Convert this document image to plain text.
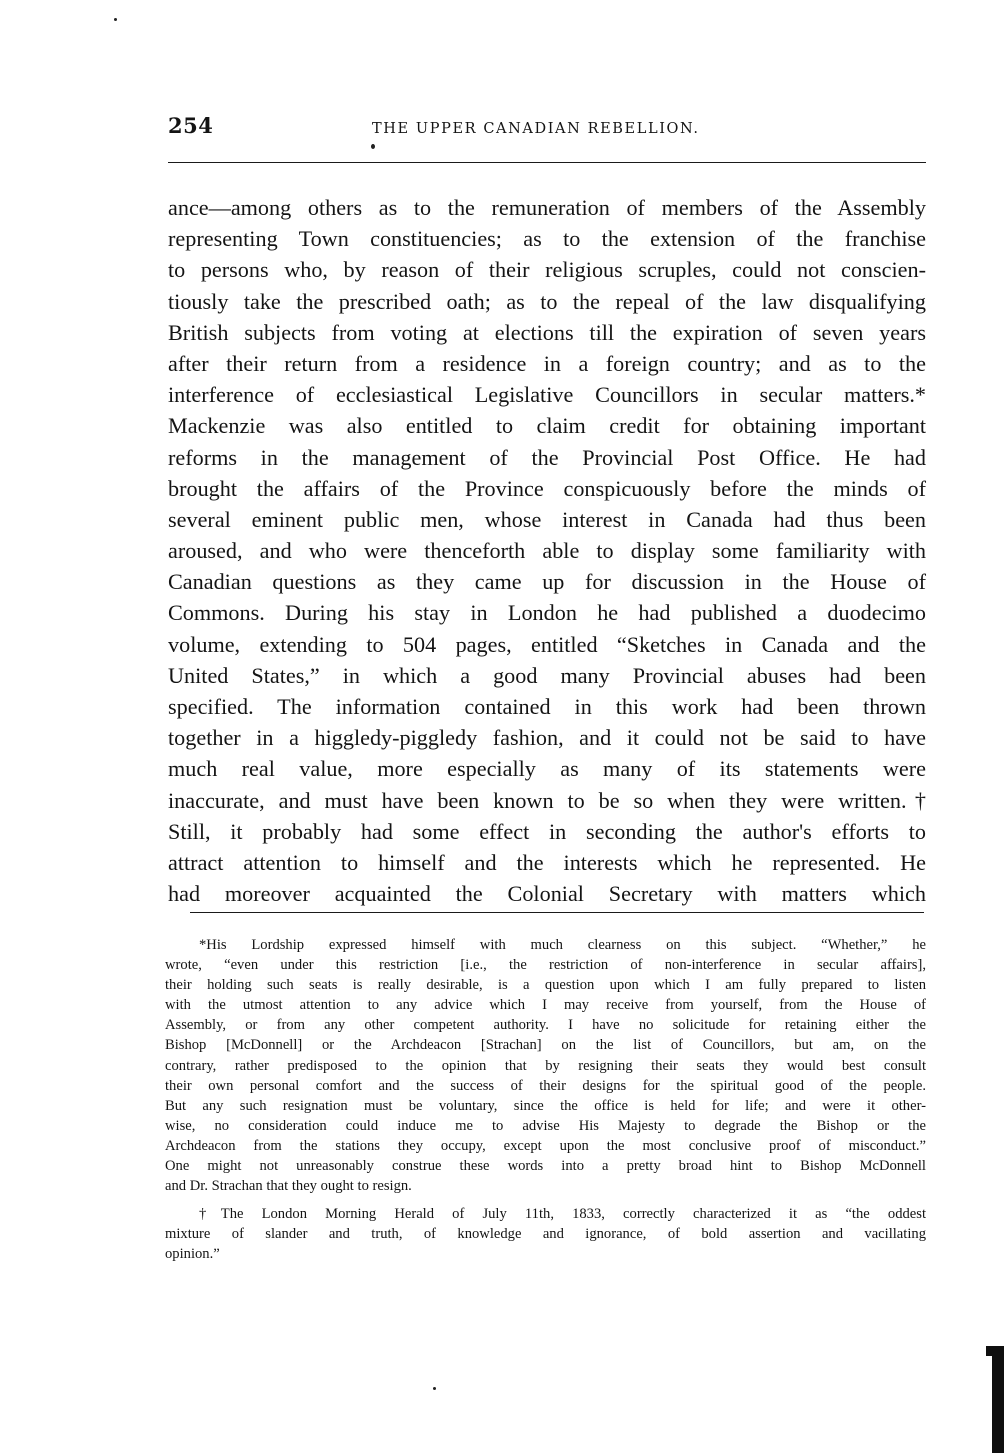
254	THE UPPER CANADIAN REBELLION.
ance—among others as to the remuneration of members of the Assembly
representing Town constituencies; as to the extension of the franchise
to persons who, by reason of their religious scruples, could not conscien-
tiously take the prescribed oath; as to the repeal of the law disqualifying
British subjects from voting at elections till the expiration of seven years
after their return from a residence in a foreign country; and as to the
interference of ecclesiastical Legislative Councillors in secular matters.*
Mackenzie was also entitled to claim credit for obtaining important
reforms in the management of the Provincial Post Office. He had
brought the affairs of the Province conspicuously before the minds of
several eminent public men, whose interest in Canada had thus been
aroused, and who were thenceforth able to display some familiarity with
Canadian questions as they came up for discussion in the House of
Commons. During his stay in London he had published a duodecimo
volume, extending to 504 pages, entitled “Sketches in Canada and the
United States,” in which a good many Provincial abuses had been
specified. The information contained in this work had been thrown
together in a higgledy-piggledy fashion, and it could not be said to have
much real value, more especially as many of its statements were
inaccurate, and must have been known to be so when they were written.†
Still, it probably had some effect in seconding the author's efforts to
attract attention to himself and the interests which he represented. He
had moreover acquainted the Colonial Secretary with matters which
*His Lordship expressed himself with much clearness on this subject. “Whether,” he
wrote, “even under this restriction [i.e., the restriction of non-interference in secular affairs],
their holding such seats is really desirable, is a question upon which I am fully prepared to listen
with the utmost attention to any advice which I may receive from yourself, from the House of
Assembly, or from any other competent authority. I have no solicitude for retaining either the
Bishop [McDonnell] or the Archdeacon [Strachan] on the list of Councillors, but am, on the
contrary, rather predisposed to the opinion that by resigning their seats they would best consult
their own personal comfort and the success of their designs for the spiritual good of the people.
But any such resignation must be voluntary, since the office is held for life; and were it other-
wise, no consideration could induce me to advise His Majesty to degrade the Bishop or the
Archdeacon from the stations they occupy, except upon the most conclusive proof of misconduct.”
One might not unreasonably construe these words into a pretty broad hint to Bishop McDonnell
and Dr. Strachan that they ought to resign.
†The London Morning Herald of July 11th, 1833, correctly characterized it as “the oddest
mixture of slander and truth, of knowledge and ignorance, of bold assertion and vacillating
opinion.”
